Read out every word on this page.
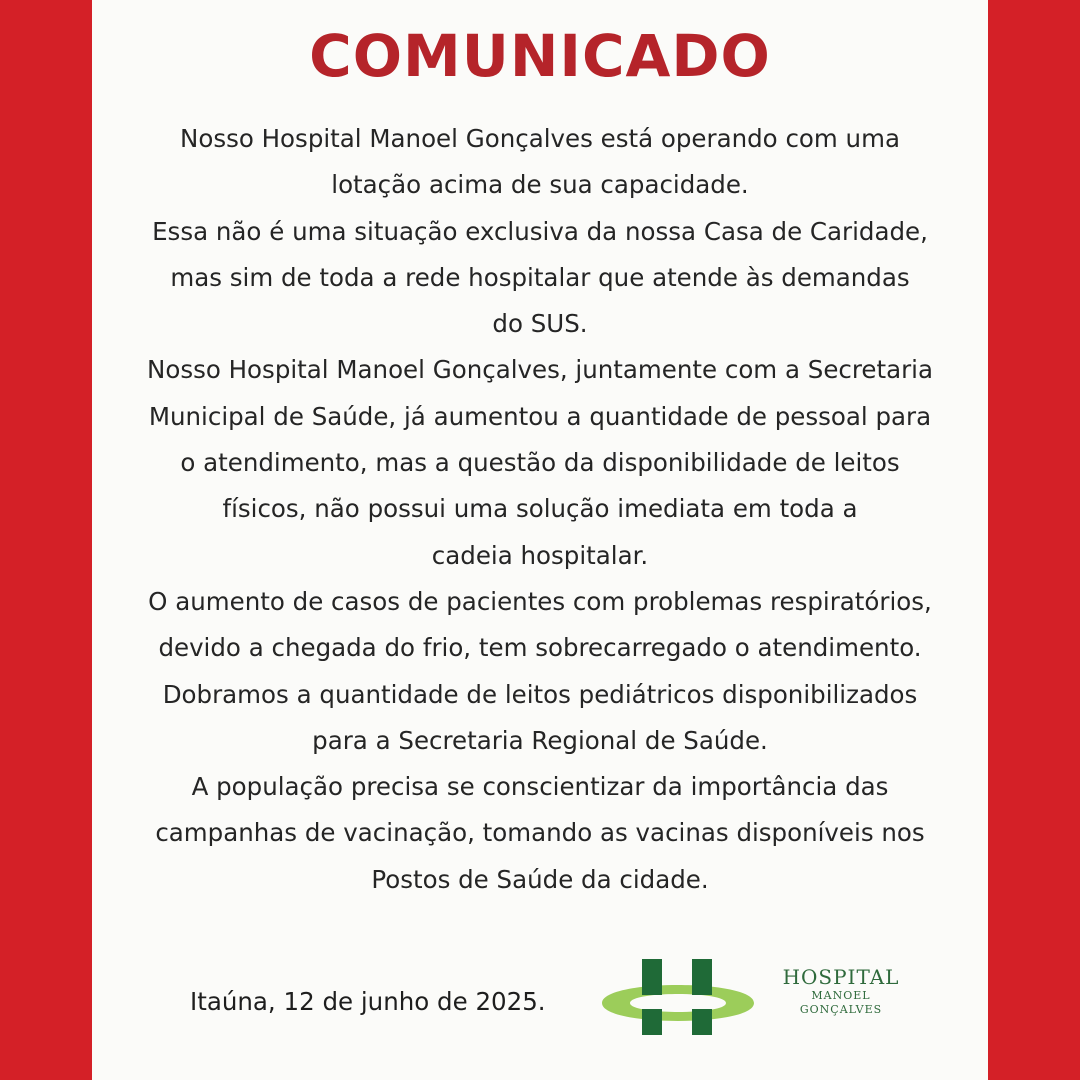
COMUNICADO
Nosso Hospital Manoel Gonçalves está operando com uma
lotação acima de sua capacidade.
Essa não é uma situação exclusiva da nossa Casa de Caridade,
mas sim de toda a rede hospitalar que atende às demandas
do SUS.
Nosso Hospital Manoel Gonçalves, juntamente com a Secretaria
Municipal de Saúde, já aumentou a quantidade de pessoal para
o atendimento, mas a questão da disponibilidade de leitos
físicos, não possui uma solução imediata em toda a
cadeia hospitalar.
O aumento de casos de pacientes com problemas respiratórios,
devido a chegada do frio, tem sobrecarregado o atendimento.
Dobramos a quantidade de leitos pediátricos disponibilizados
para a Secretaria Regional de Saúde.
A população precisa se conscientizar da importância das
campanhas de vacinação, tomando as vacinas disponíveis nos
Postos de Saúde da cidade.
Itaúna, 12 de junho de 2025.
HOSPITAL
MANOEL
GONÇALVES
